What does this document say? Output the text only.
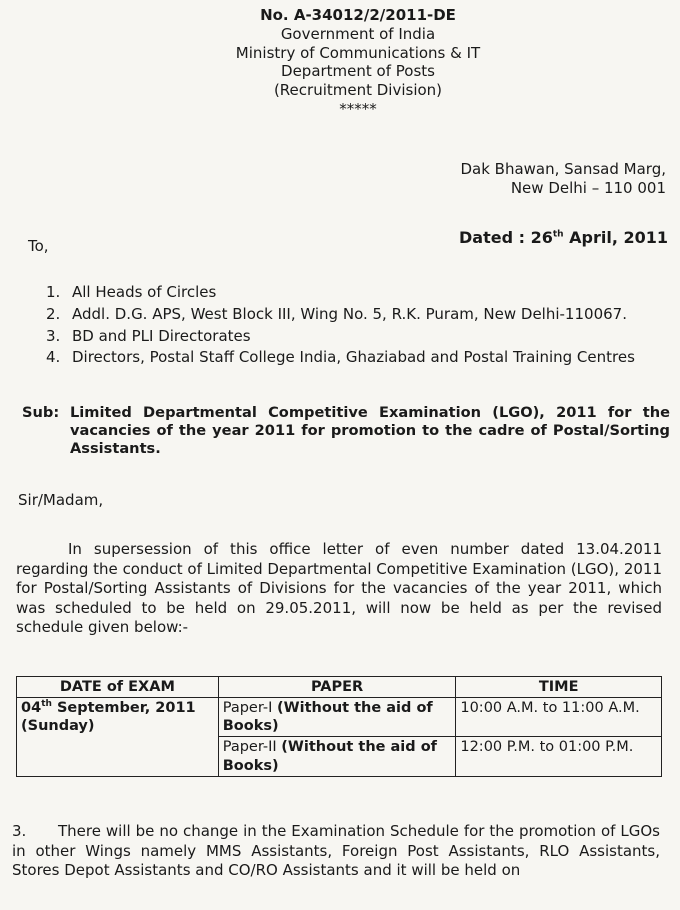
No. A-34012/2/2011-DE
Government of India
Ministry of Communications & IT
Department of Posts
(Recruitment Division)
*****
Dak Bhawan, Sansad Marg,
New Delhi – 110 001
Dated : 26th April, 2011
To,
1. All Heads of Circles
2. Addl. D.G. APS, West Block III, Wing No. 5, R.K. Puram, New Delhi-110067.
3. BD and PLI Directorates
4. Directors, Postal Staff College India, Ghaziabad and Postal Training Centres
Sub: Limited Departmental Competitive Examination (LGO), 2011 for the vacancies of the year 2011 for promotion to the cadre of Postal/Sorting Assistants.
Sir/Madam,
In supersession of this office letter of even number dated 13.04.2011 regarding the conduct of Limited Departmental Competitive Examination (LGO), 2011 for Postal/Sorting Assistants of Divisions for the vacancies of the year 2011, which was scheduled to be held on 29.05.2011, will now be held as per the revised schedule given below:-
DATE of EXAM	PAPER	TIME
04th September, 2011
(Sunday)	Paper-I (Without the aid of Books)	10:00 A.M. to 11:00 A.M.
	Paper-II (Without the aid of Books)	12:00 P.M. to 01:00 P.M.
3. There will be no change in the Examination Schedule for the promotion of LGOs in other Wings namely MMS Assistants, Foreign Post Assistants, RLO Assistants, Stores Depot Assistants and CO/RO Assistants and it will be held on
